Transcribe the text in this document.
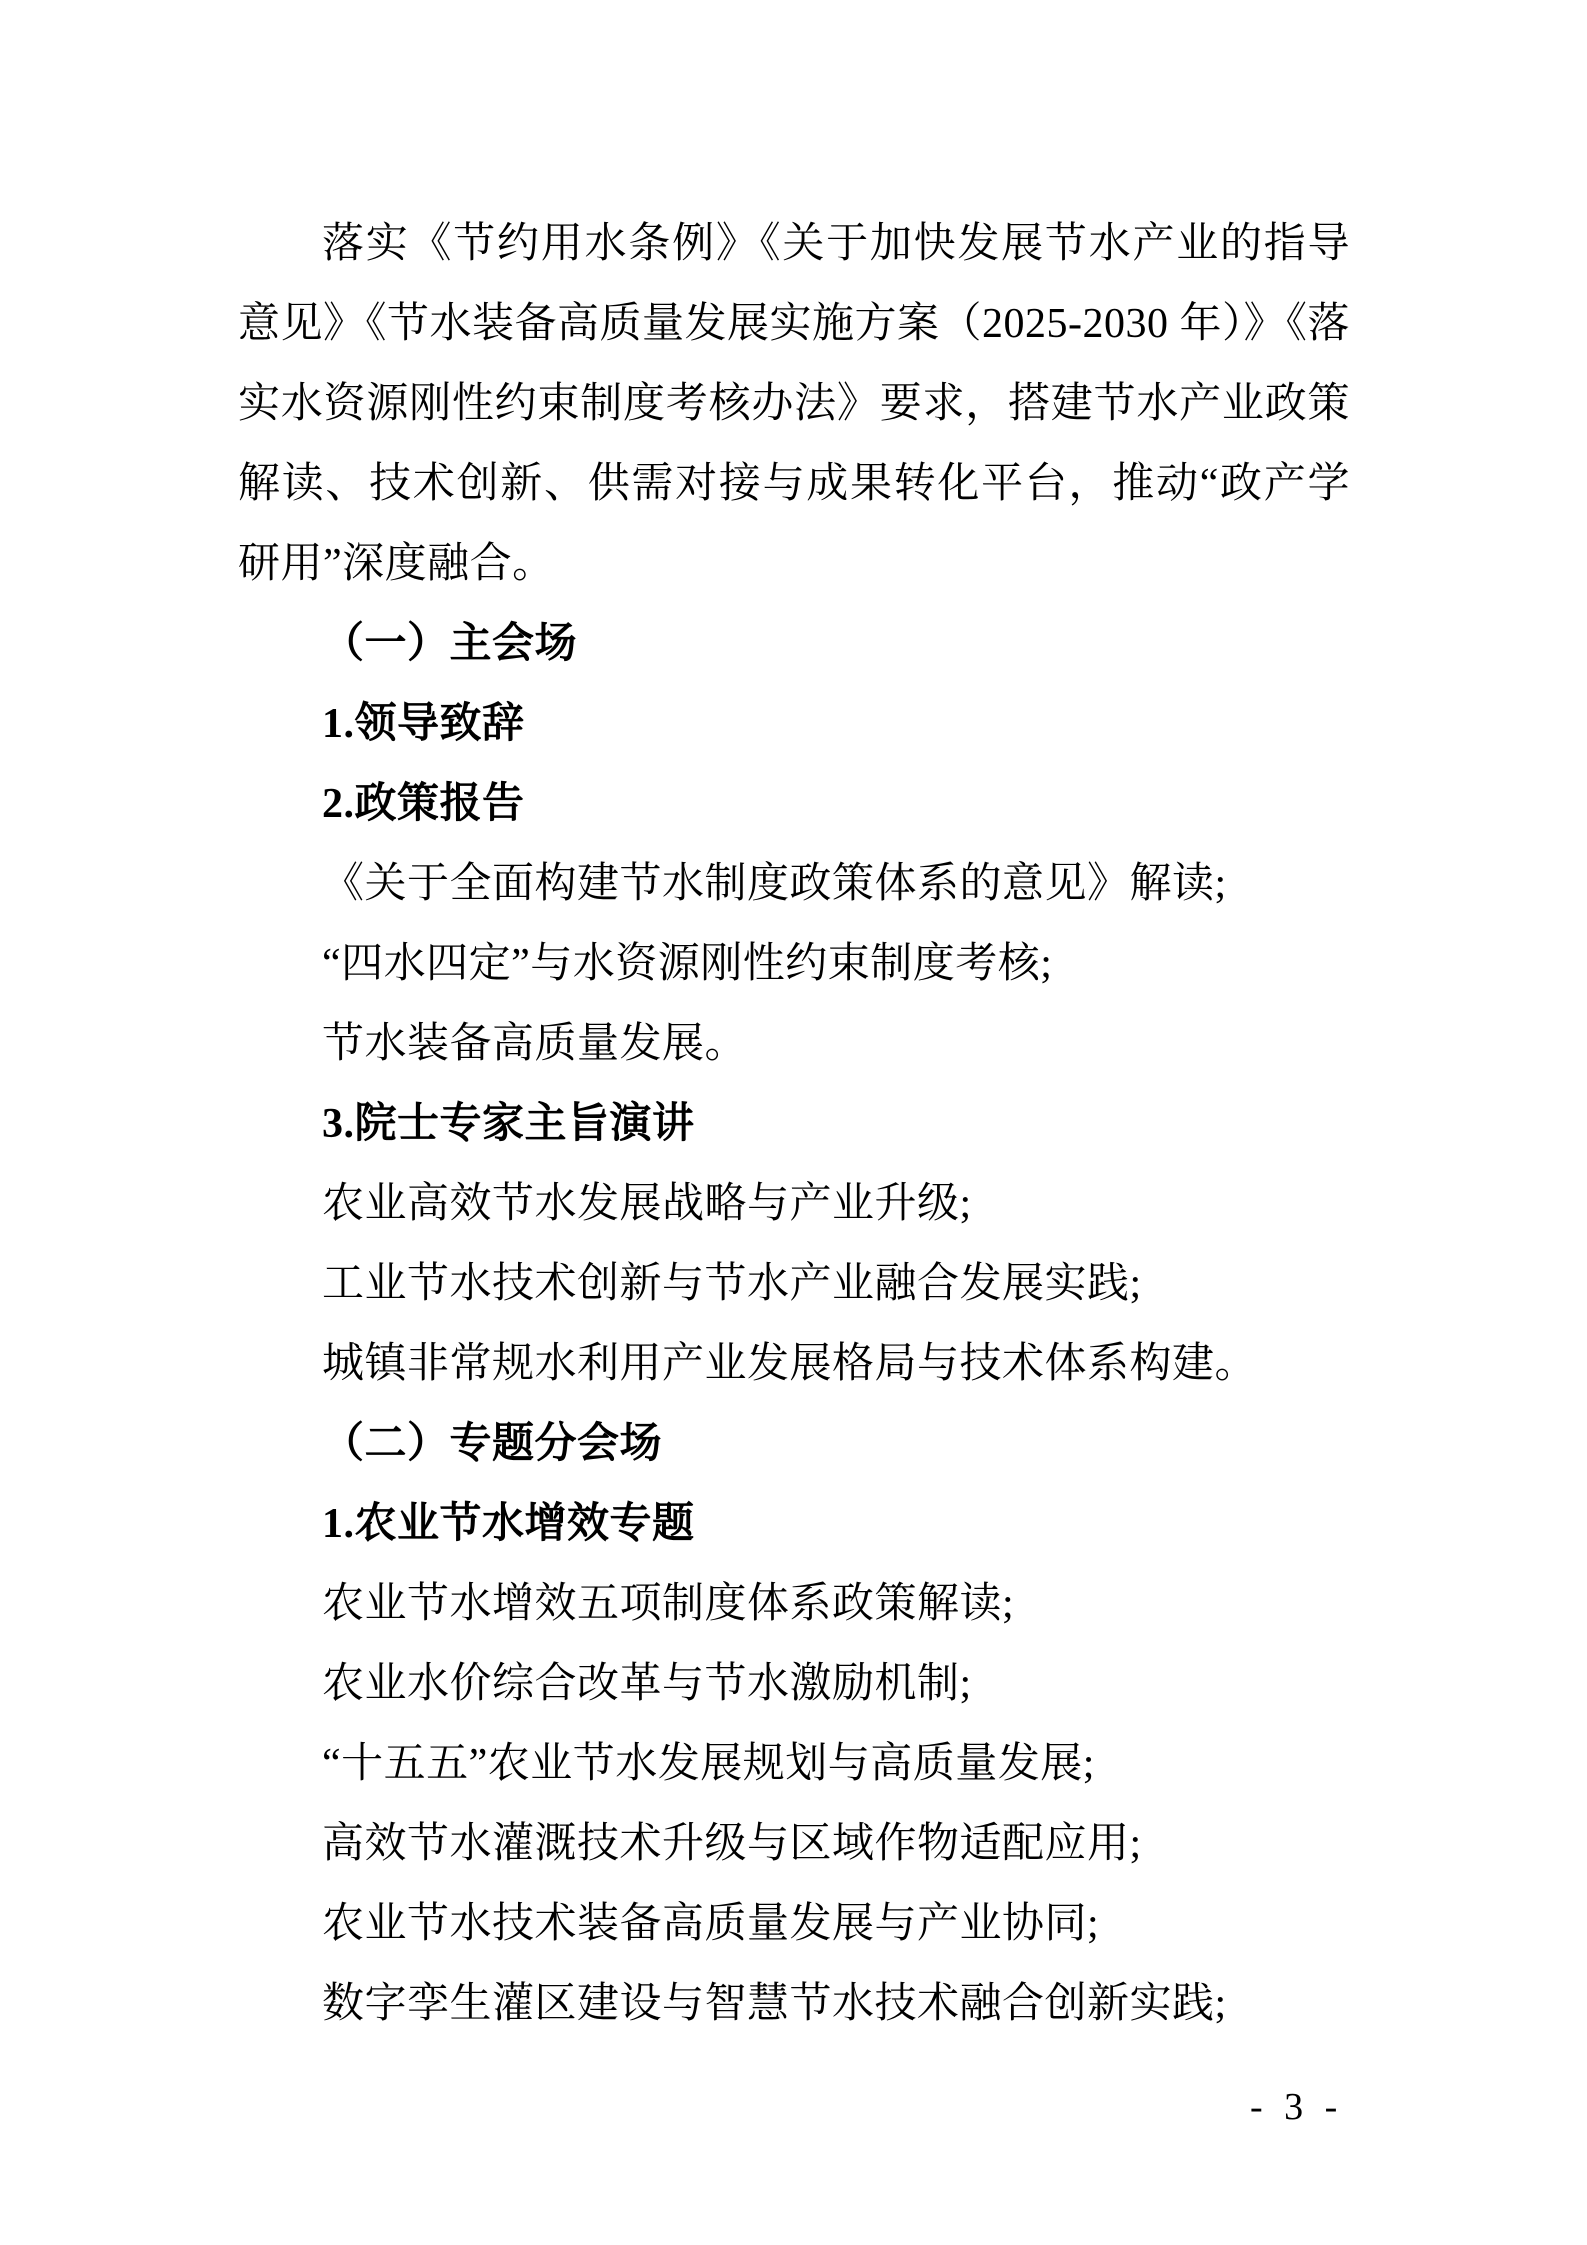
落实《节约用水条例》《关于加快发展节水产业的指导
意见》《节水装备高质量发展实施方案（2025-2030 年）》《落
实水资源刚性约束制度考核办法》要求，搭建节水产业政策
解读、技术创新、供需对接与成果转化平台，推动“政产学
研用”深度融合。
（一）主会场
1.领导致辞
2.政策报告
《关于全面构建节水制度政策体系的意见》解读;
“四水四定”与水资源刚性约束制度考核;
节水装备高质量发展。
3.院士专家主旨演讲
农业高效节水发展战略与产业升级;
工业节水技术创新与节水产业融合发展实践;
城镇非常规水利用产业发展格局与技术体系构建。
（二）专题分会场
1.农业节水增效专题
农业节水增效五项制度体系政策解读;
农业水价综合改革与节水激励机制;
“十五五”农业节水发展规划与高质量发展;
高效节水灌溉技术升级与区域作物适配应用;
农业节水技术装备高质量发展与产业协同;
数字孪生灌区建设与智慧节水技术融合创新实践;
- 3 -
